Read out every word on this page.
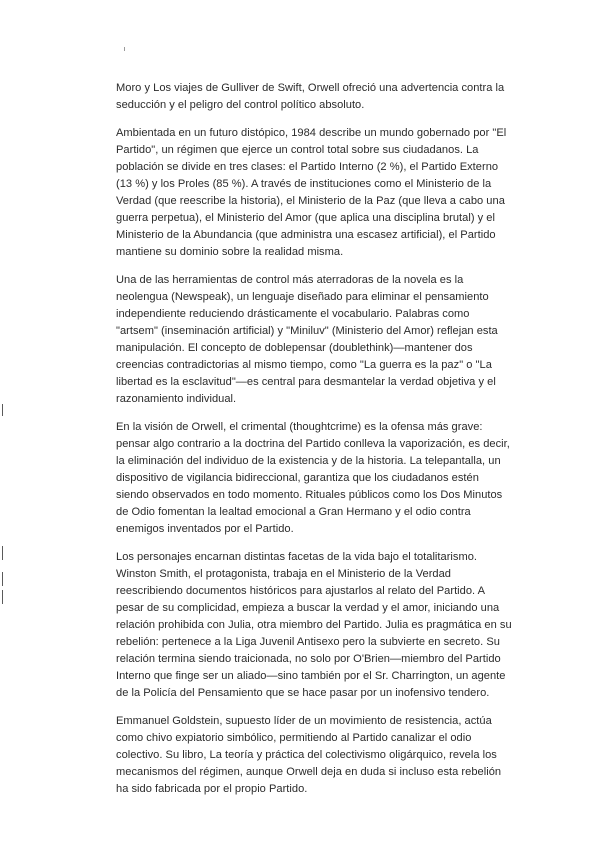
Moro y Los viajes de Gulliver de Swift, Orwell ofreció una advertencia contra la seducción y el peligro del control político absoluto.

Ambientada en un futuro distópico, 1984 describe un mundo gobernado por "El Partido", un régimen que ejerce un control total sobre sus ciudadanos. La población se divide en tres clases: el Partido Interno (2 %), el Partido Externo (13 %) y los Proles (85 %). A través de instituciones como el Ministerio de la Verdad (que reescribe la historia), el Ministerio de la Paz (que lleva a cabo una guerra perpetua), el Ministerio del Amor (que aplica una disciplina brutal) y el Ministerio de la Abundancia (que administra una escasez artificial), el Partido mantiene su dominio sobre la realidad misma.

Una de las herramientas de control más aterradoras de la novela es la neolengua (Newspeak), un lenguaje diseñado para eliminar el pensamiento independiente reduciendo drásticamente el vocabulario. Palabras como "artsem" (inseminación artificial) y "Miniluv" (Ministerio del Amor) reflejan esta manipulación. El concepto de doblepensar (doublethink)—mantener dos creencias contradictorias al mismo tiempo, como "La guerra es la paz" o "La libertad es la esclavitud"—es central para desmantelar la verdad objetiva y el razonamiento individual.

En la visión de Orwell, el crimental (thoughtcrime) es la ofensa más grave: pensar algo contrario a la doctrina del Partido conlleva la vaporización, es decir, la eliminación del individuo de la existencia y de la historia. La telepantalla, un dispositivo de vigilancia bidireccional, garantiza que los ciudadanos estén siendo observados en todo momento. Rituales públicos como los Dos Minutos de Odio fomentan la lealtad emocional a Gran Hermano y el odio contra enemigos inventados por el Partido.

Los personajes encarnan distintas facetas de la vida bajo el totalitarismo. Winston Smith, el protagonista, trabaja en el Ministerio de la Verdad reescribiendo documentos históricos para ajustarlos al relato del Partido. A pesar de su complicidad, empieza a buscar la verdad y el amor, iniciando una relación prohibida con Julia, otra miembro del Partido. Julia es pragmática en su rebelión: pertenece a la Liga Juvenil Antisexo pero la subvierte en secreto. Su relación termina siendo traicionada, no solo por O'Brien—miembro del Partido Interno que finge ser un aliado—sino también por el Sr. Charrington, un agente de la Policía del Pensamiento que se hace pasar por un inofensivo tendero.

Emmanuel Goldstein, supuesto líder de un movimiento de resistencia, actúa como chivo expiatorio simbólico, permitiendo al Partido canalizar el odio colectivo. Su libro, La teoría y práctica del colectivismo oligárquico, revela los mecanismos del régimen, aunque Orwell deja en duda si incluso esta rebelión ha sido fabricada por el propio Partido.
